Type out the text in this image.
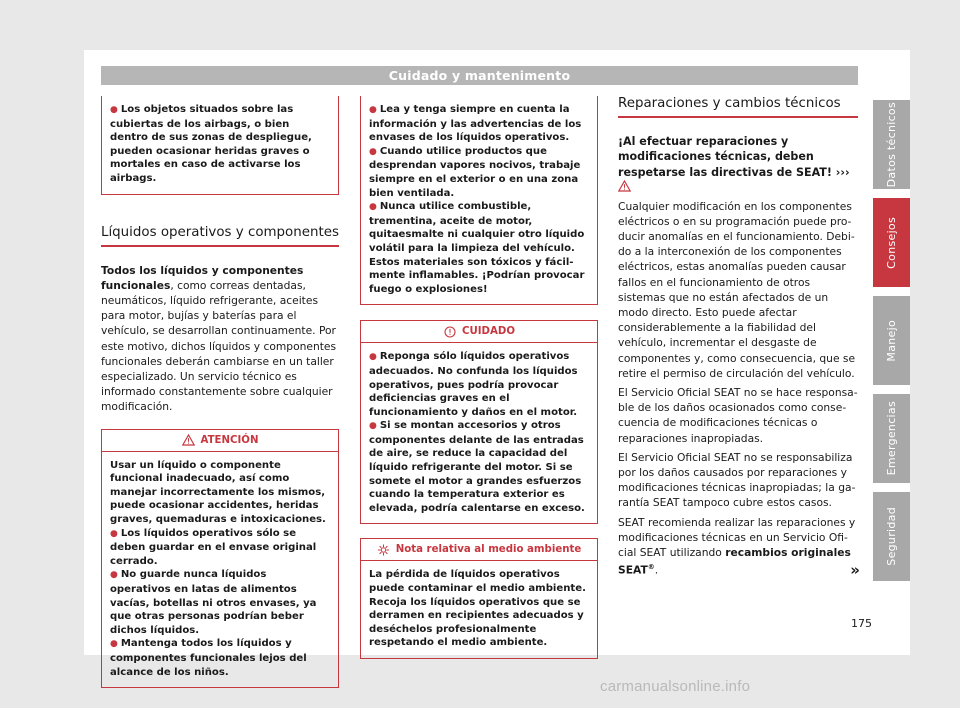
Cuidado y mantenimento
● Los objetos situados sobre las cubiertas de los airbags, o bien dentro de sus zonas de despliegue, pueden ocasionar heridas graves o mortales en caso de activarse los airbags.
Líquidos operativos y componentes
Todos los líquidos y componentes funcionales, como correas dentadas, neumáticos, líquido refrigerante, aceites para motor, bujías y baterías para el vehículo, se desarrollan continuamente. Por este motivo, dichos líquidos y componentes funcionales deberán cambiarse en un taller especializado. Un servicio técnico es informado constantemente sobre cualquier modificación.
ATENCIÓN

Usar un líquido o componente funcional inadecuado, así como manejar incorrectamente los mismos, puede ocasionar accidentes, heridas graves, quemaduras e intoxicaciones.

● Los líquidos operativos sólo se deben guardar en el envase original cerrado.
● No guarde nunca líquidos operativos en latas de alimentos vacías, botellas ni otros envases, ya que otras personas podrían beber dichos líquidos.
● Mantenga todos los líquidos y componentes funcionales lejos del alcance de los niños.
● Lea y tenga siempre en cuenta la información y las advertencias de los envases de los líquidos operativos.
● Cuando utilice productos que desprendan vapores nocivos, trabaje siempre en el exterior o en una zona bien ventilada.
● Nunca utilice combustible, trementina, aceite de motor, quitaesmalte ni cualquier otro líquido volátil para la limpieza del vehículo. Estos materiales son tóxicos y fácilmente inflamables. ¡Podrían provocar fuego o explosiones!
CUIDADO
● Reponga sólo líquidos operativos adecuados. No confunda los líquidos operativos, pues podría provocar deficiencias graves en el funcionamiento y daños en el motor.
● Si se montan accesorios y otros componentes delante de las entradas de aire, se reduce la capacidad del líquido refrigerante del motor. Si se somete el motor a grandes esfuerzos cuando la temperatura exterior es elevada, podría calentarse en exceso.
Nota relativa al medio ambiente

La pérdida de líquidos operativos puede contaminar el medio ambiente. Recoja los líquidos operativos que se derramen en recipientes adecuados y deséchelos profesionalmente respetando el medio ambiente.

Reparaciones y cambios técnicos
¡Al efectuar reparaciones y modificaciones técnicas, deben respetarse las directivas de SEAT! ›››
Cualquier modificación en los componentes eléctricos o en su programación puede producir anomalías en el funcionamiento. Debido a la interconexión de los componentes eléctricos, estas anomalías pueden causar fallos en el funcionamiento de otros sistemas que no están afectados de un modo directo. Esto puede afectar considerablemente a la fiabilidad del vehículo, incrementar el desgaste de componentes y, como consecuencia, que se retire el permiso de circulación del vehículo.
El Servicio Oficial SEAT no se hace responsable de los daños ocasionados como consecuencia de modificaciones técnicas o reparaciones inapropiadas.
El Servicio Oficial SEAT no se responsabiliza por los daños causados por reparaciones y modificaciones técnicas inapropiadas; la garantía SEAT tampoco cubre estos casos.
SEAT recomienda realizar las reparaciones y modificaciones técnicas en un Servicio Oficial SEAT utilizando recambios originales SEAT®.	»
Datos técnicos
Consejos
Manejo
Emergencias
Seguridad
175
carmanualsonline.info
